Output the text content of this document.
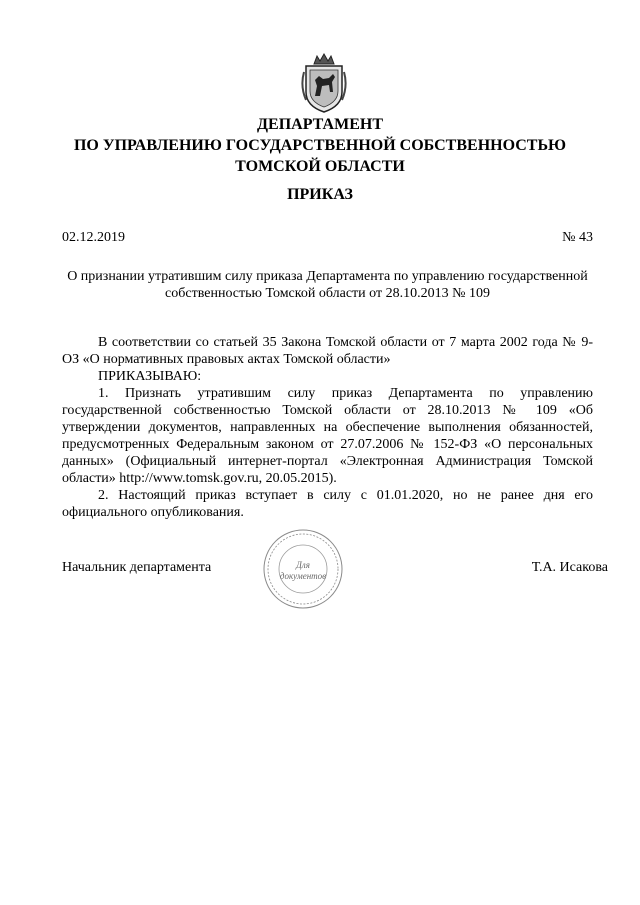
ДЕПАРТАМЕНТ
ПО УПРАВЛЕНИЮ ГОСУДАРСТВЕННОЙ СОБСТВЕННОСТЬЮ
ТОМСКОЙ ОБЛАСТИ
ПРИКАЗ
02.12.2019	№ 43
О признании утратившим силу приказа Департамента по управлению государственной
собственностью Томской области от 28.10.2013 № 109

В соответствии со статьей 35 Закона Томской области от 7 марта 2002 года № 9-ОЗ «О нормативных правовых актах Томской области»

ПРИКАЗЫВАЮ:

1. Признать утратившим силу приказ Департамента по управлению государственной собственностью Томской области от 28.10.2013 № 109 «Об утверждении документов, направленных на обеспечение выполнения обязанностей, предусмотренных Федеральным законом от 27.07.2006 № 152-ФЗ «О персональных данных» (Официальный интернет-портал «Электронная Администрация Томской области» http://www.tomsk.gov.ru, 20.05.2015).

2. Настоящий приказ вступает в силу с 01.01.2020, но не ранее дня его официального опубликования.

Начальник департамента	Для
документов
Т.А. Исакова
